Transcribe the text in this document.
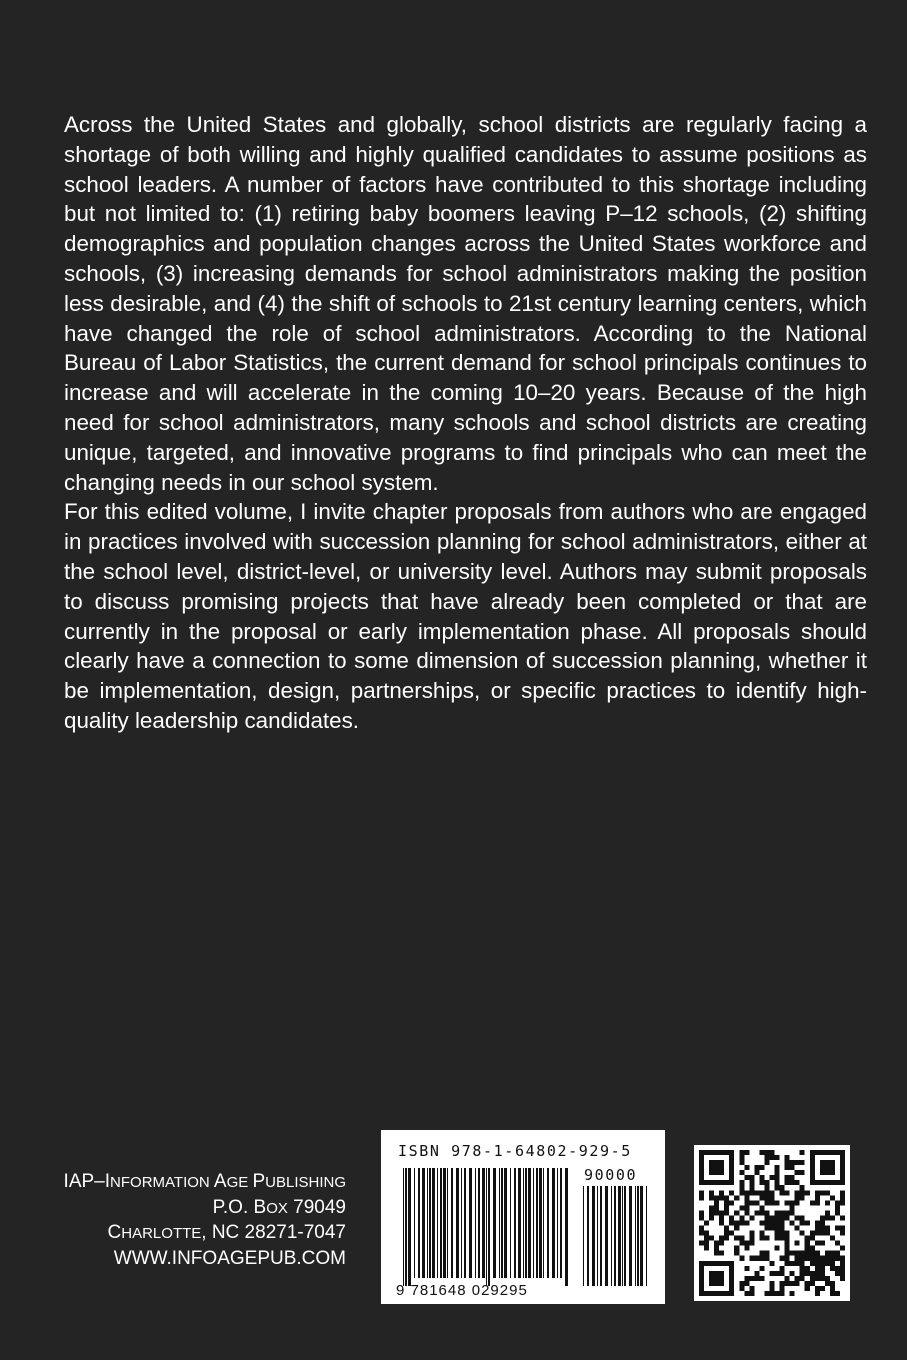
Across the United States and globally, school districts are regularly facing a shortage of both willing and highly qualified candidates to assume positions as school leaders. A number of factors have contributed to this shortage including but not limited to: (1) retiring baby boomers leaving P–12 schools, (2) shifting demographics and population changes across the United States workforce and schools, (3) increasing demands for school administrators making the position less desirable, and (4) the shift of schools to 21st century learning centers, which have changed the role of school administrators. According to the National Bureau of Labor Statistics, the current demand for school principals continues to increase and will accelerate in the coming 10–20 years. Because of the high need for school administrators, many schools and school districts are creating unique, targeted, and innovative programs to find principals who can meet the changing needs in our school system.

For this edited volume, I invite chapter proposals from authors who are engaged in practices involved with succession planning for school administrators, either at the school level, district-level, or university level. Authors may submit proposals to discuss promising projects that have already been completed or that are currently in the proposal or early implementation phase. All proposals should clearly have a connection to some dimension of succession planning, whether it be implementation, design, partnerships, or specific practices to identify high-quality leadership candidates.

IAP–INFORMATION AGE PUBLISHING
P.O. BOX 79049
CHARLOTTE, NC 28271-7047
WWW.INFOAGEPUB.COM
ISBN 978-1-64802-929-5
90000
9 781648 029295
